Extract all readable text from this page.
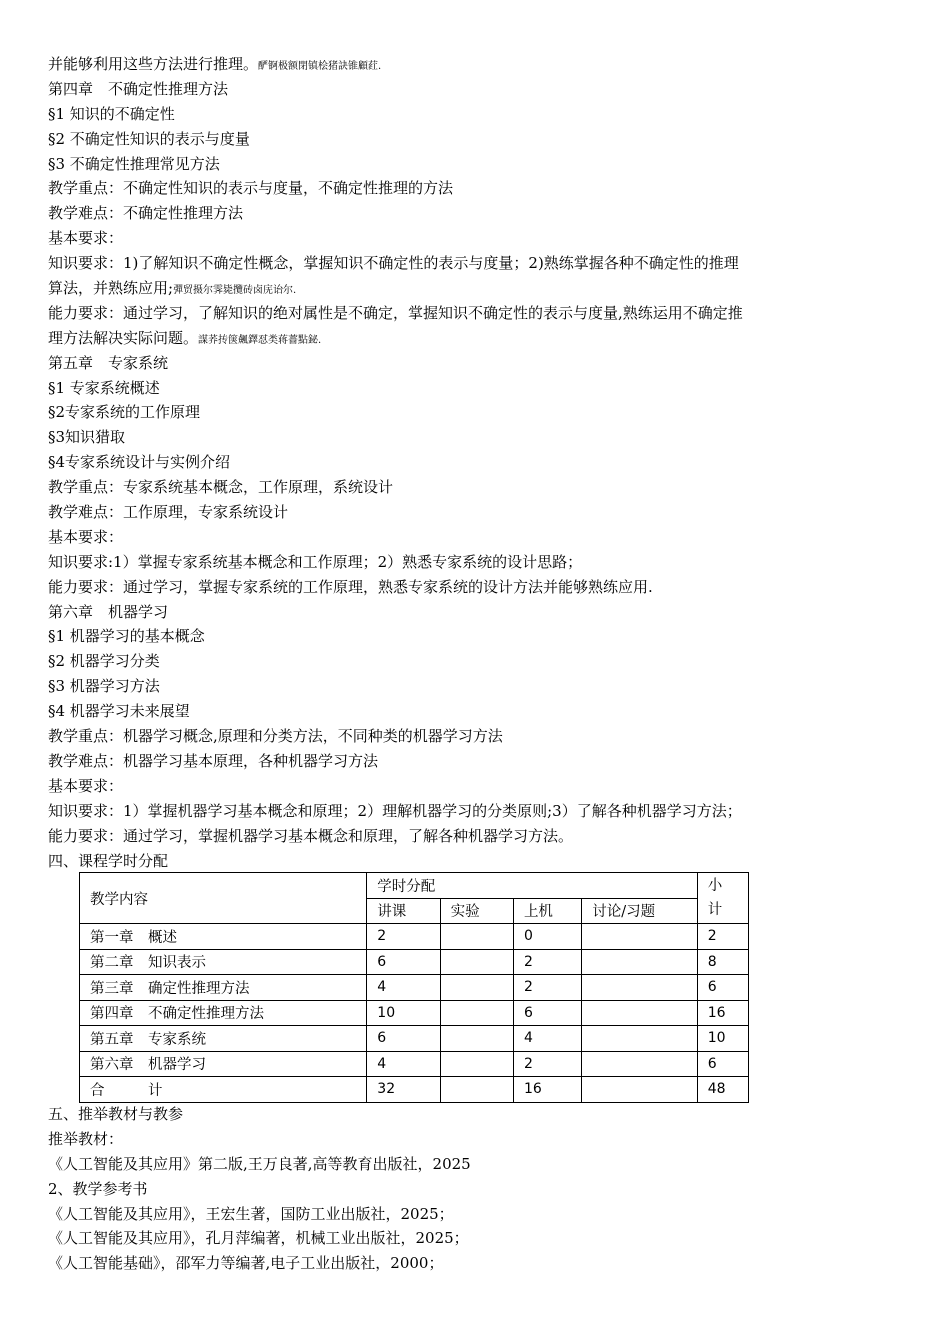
并能够利用这些方法进行推理。酽锕极额閉镇桧猪訣锥顧荭.
第四章　不确定性推理方法
§1 知识的不确定性
§2 不确定性知识的表示与度量
§3 不确定性推理常见方法
教学重点：不确定性知识的表示与度量，不确定性推理的方法
教学难点：不确定性推理方法
基本要求：
知识要求：1)了解知识不确定性概念，掌握知识不确定性的表示与度量；2)熟练掌握各种不确定性的推理
算法，并熟练应用;彈贸摄尔霁毙攬砖卤庑诒尔.
能力要求：通过学习，了解知识的绝对属性是不确定，掌握知识不确定性的表示与度量,熟练运用不确定推
理方法解决实际问题。謀荞抟箧飆鐸怼类蒋薔點鉍.
第五章　专家系统
§1 专家系统概述
§2专家系统的工作原理
§3知识猎取
§4专家系统设计与实例介绍
教学重点：专家系统基本概念，工作原理，系统设计
教学难点：工作原理，专家系统设计
基本要求：
知识要求:1）掌握专家系统基本概念和工作原理；2）熟悉专家系统的设计思路；
能力要求：通过学习，掌握专家系统的工作原理，熟悉专家系统的设计方法并能够熟练应用.
第六章　机器学习
§1 机器学习的基本概念
§2 机器学习分类
§3 机器学习方法
§4 机器学习未来展望
教学重点：机器学习概念,原理和分类方法，不同种类的机器学习方法
教学难点：机器学习基本原理，各种机器学习方法
基本要求：
知识要求：1）掌握机器学习基本概念和原理；2）理解机器学习的分类原则;3）了解各种机器学习方法；
能力要求：通过学习，掌握机器学习基本概念和原理，了解各种机器学习方法。
四、课程学时分配
教学内容	学时分配				小
计
	讲课	实验	上机	讨论/习题	
第一章　概述	2		0		2
第二章　知识表示	6		2		8
第三章　确定性推理方法	4		2		6
第四章　不确定性推理方法	10		6		16
第五章　专家系统	6		4		10
第六章　机器学习	4		2		6
合　　　计	32		16		48
五、推举教材与教参
推举教材：
《人工智能及其应用》第二版,王万良著,高等教育出版社，2025
2、教学参考书
《人工智能及其应用》，王宏生著，国防工业出版社，2025；
《人工智能及其应用》，孔月萍编著，机械工业出版社，2025；
《人工智能基础》，邵军力等编著,电子工业出版社，2000；
